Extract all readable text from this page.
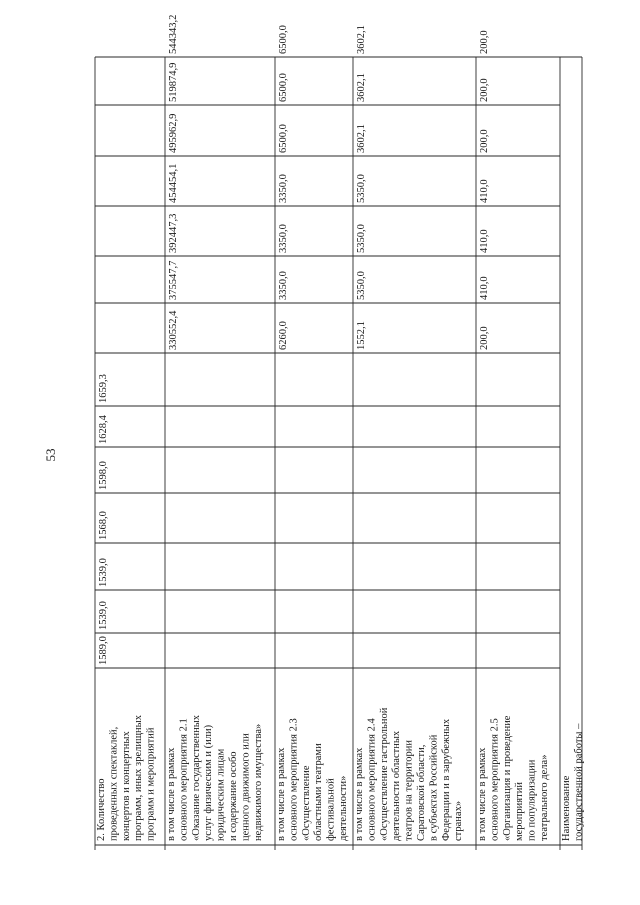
53
2. Количествопроведенных спектаклей,концертов и концертныхпрограмм, иных зрелищныхпрограмм и мероприятий
1589,0
1539,0
1539,0
1568,0
1598,0
1628,4
1659,3
в том числе в рамкахосновного мероприятия 2.1«Оказание государственныхуслуг физическим и (или)юридическим лицами содержание особоценного движимого илинедвижимого имущества»
330552,4
375547,7
392447,3
454454,1
495962,9
519874,9
544343,2
в том числе в рамкахосновного мероприятия 2.3«Осуществлениеобластными театрамифестивальнойдеятельности»
6260,0
3350,0
3350,0
3350,0
6500,0
6500,0
6500,0
в том числе в рамкахосновного мероприятия 2.4«Осуществление гастрольнойдеятельности областныхтеатров на территорииСаратовской области,в субъектах РоссийскойФедерации и в зарубежныхстранах»
1552,1
5350,0
5350,0
5350,0
3602,1
3602,1
3602,1
в том числе в рамкахосновного мероприятия 2.5«Организация и проведениемероприятийпо популяризациитеатрального дела»
200,0
410,0
410,0
410,0
200,0
200,0
200,0
Наименованиегосударственной работы –
